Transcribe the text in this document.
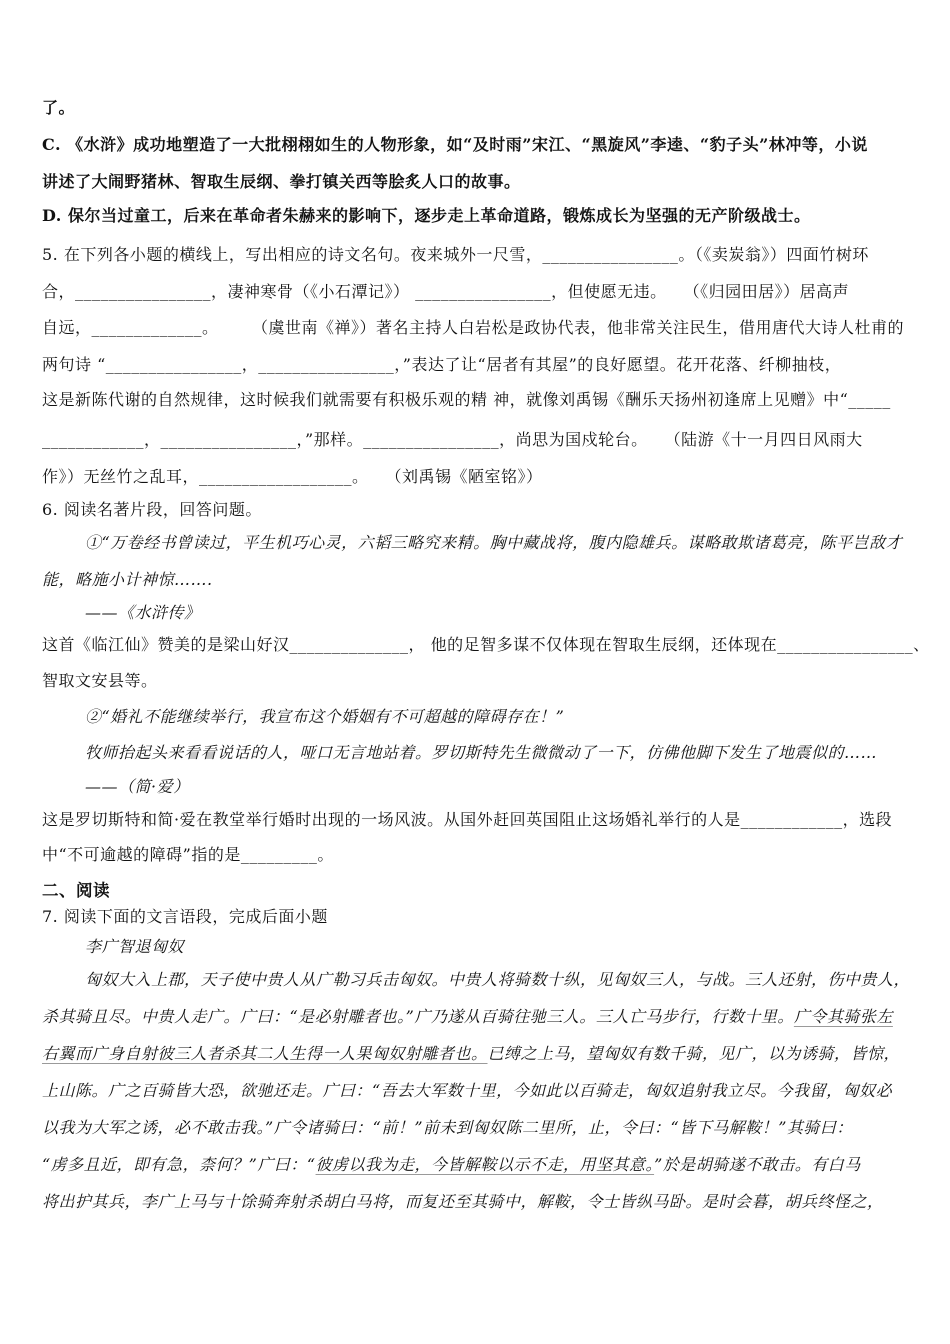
了。
C. 《水浒》成功地塑造了一大批栩栩如生的人物形象，如“及时雨”宋江、“黑旋风”李逵、“豹子头”林冲等，小说
讲述了大闹野猪林、智取生辰纲、拳打镇关西等脍炙人口的故事。
D. 保尔当过童工，后来在革命者朱赫来的影响下，逐步走上革命道路，锻炼成长为坚强的无产阶级战士。
5. 在下列各小题的横线上，写出相应的诗文名句。夜来城外一尺雪，________________。（《卖炭翁》）四面竹树环
合，________________，凄神寒骨（《小石潭记》） ________________，但使愿无违。　　（《归园田居》）居高声
自远，_____________。　　　（虞世南《禅》）著名主持人白岩松是政协代表，他非常关注民生，借用唐代大诗人杜甫的
两句诗 “________________，________________，”表达了让“居者有其屋”的良好愿望。花开花落、纤柳抽枝，
这是新陈代谢的自然规律，这时候我们就需要有积极乐观的精 神，就像刘禹锡《酬乐天扬州初逢席上见赠》中“_____
____________，________________，”那样。________________，尚思为国戍轮台。　　（陆游《十一月四日风雨大
作》）无丝竹之乱耳，__________________。　　（刘禹锡《陋室铭》）
6. 阅读名著片段，回答问题。
①“万卷经书曾读过，平生机巧心灵，六韬三略究来精。胸中藏战将，腹内隐雄兵。谋略敢欺诸葛亮，陈平岂敌才
能，略施小计神惊…….
——《水浒传》
这首《临江仙》赞美的是梁山好汉______________， 他的足智多谋不仅体现在智取生辰纲，还体现在________________、
智取文安县等。
②“婚礼不能继续举行，我宣布这个婚姻有不可超越的障碍存在！”
牧师抬起头来看看说话的人，哑口无言地站着。罗切斯特先生微微动了一下，仿佛他脚下发生了地震似的……
——（简·爱）
这是罗切斯特和简·爱在教堂举行婚时出现的一场风波。从国外赶回英国阻止这场婚礼举行的人是____________，选段
中“不可逾越的障碍”指的是_________。
二、阅读
7. 阅读下面的文言语段，完成后面小题
李广智退匈奴
匈奴大入上郡，天子使中贵人从广勒习兵击匈奴。中贵人将骑数十纵，见匈奴三人，与战。三人还射，伤中贵人，
杀其骑且尽。中贵人走广。广曰：“是必射雕者也。”广乃遂从百骑往驰三人。三人亡马步行，行数十里。广令其骑张左
右翼而广身自射彼三人者杀其二人生得一人果匈奴射雕者也。已缚之上马，望匈奴有数千骑，见广，以为诱骑，皆惊，
上山陈。广之百骑皆大恐，欲驰还走。广曰：“吾去大军数十里，今如此以百骑走，匈奴追射我立尽。今我留，匈奴必
以我为大军之诱，必不敢击我。”广令诸骑曰：“前！”前未到匈奴陈二里所，止，令曰：“皆下马解鞍！”其骑曰：
“虏多且近，即有急，柰何？”广曰：“彼虏以我为走，今皆解鞍以示不走，用坚其意。”於是胡骑遂不敢击。有白马
将出护其兵，李广上马与十馀骑奔射杀胡白马将，而复还至其骑中，解鞍，令士皆纵马卧。是时会暮，胡兵终怪之，
